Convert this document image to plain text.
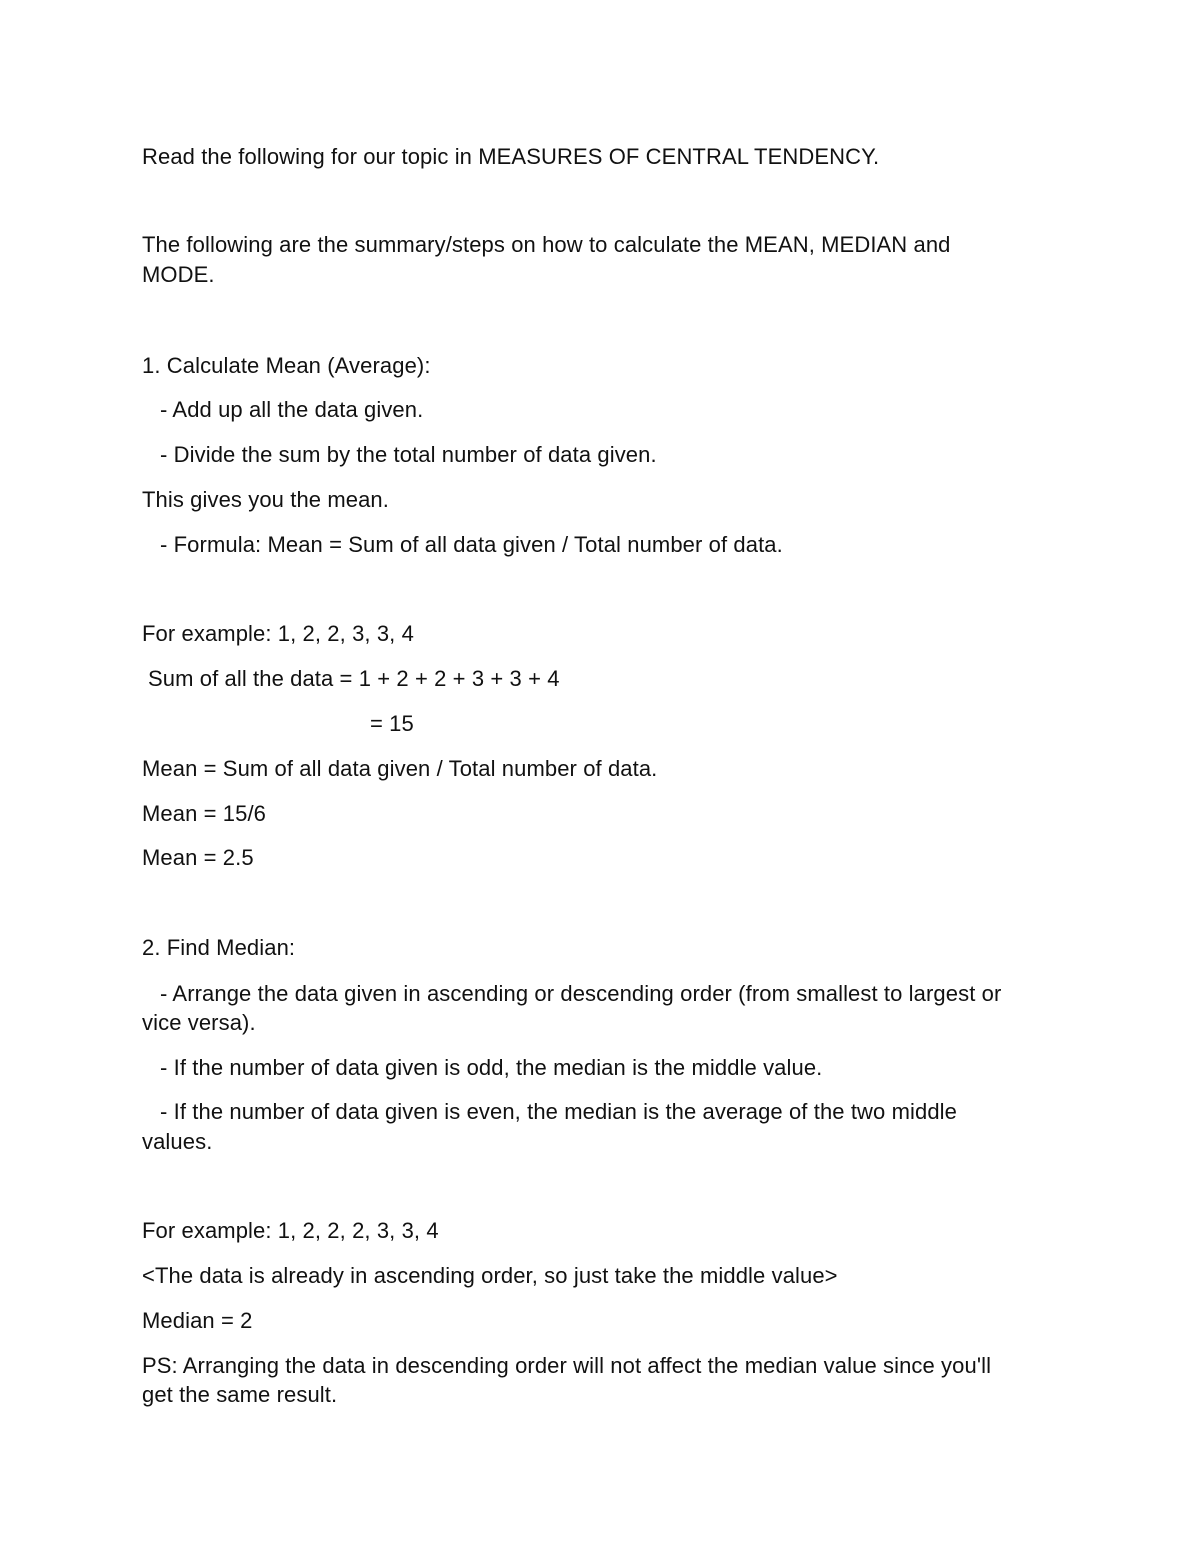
Read the following for our topic in MEASURES OF CENTRAL TENDENCY.
The following are the summary/steps on how to calculate the MEAN, MEDIAN and
MODE.
1. Calculate Mean (Average):
- Add up all the data given.
- Divide the sum by the total number of data given.
This gives you the mean.
- Formula: Mean = Sum of all data given / Total number of data.
For example: 1, 2, 2, 3, 3, 4
Sum of all the data = 1 + 2 + 2 + 3 + 3 + 4
= 15
Mean = Sum of all data given / Total number of data.
Mean = 15/6
Mean = 2.5
2. Find Median:
- Arrange the data given in ascending or descending order (from smallest to largest or
vice versa).
- If the number of data given is odd, the median is the middle value.
- If the number of data given is even, the median is the average of the two middle
values.
For example: 1, 2, 2, 2, 3, 3, 4
<The data is already in ascending order, so just take the middle value>
Median = 2
PS: Arranging the data in descending order will not affect the median value since you'll
get the same result.
